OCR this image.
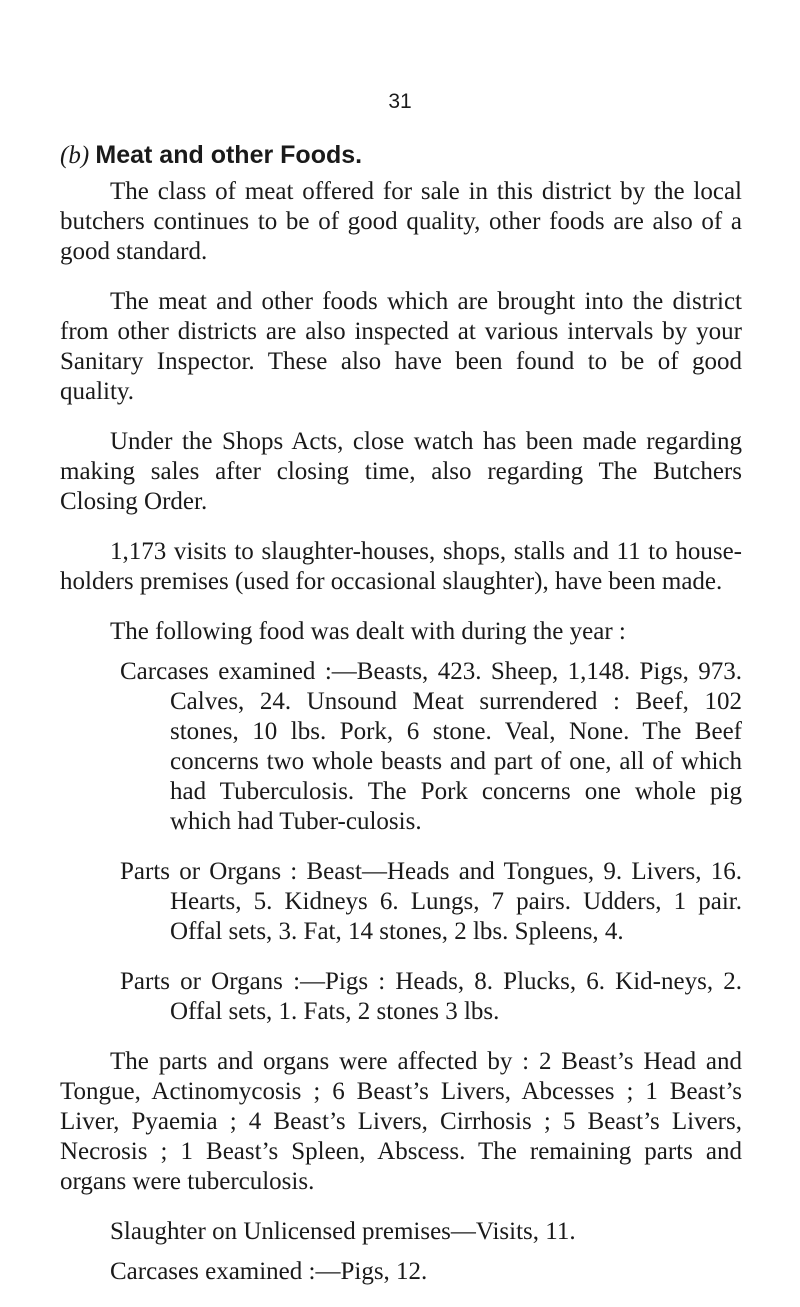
31
(b) Meat and other Foods.

The class of meat offered for sale in this district by the local butchers continues to be of good quality, other foods are also of a good standard.

The meat and other foods which are brought into the district from other districts are also inspected at various intervals by your Sanitary Inspector. These also have been found to be of good quality.

Under the Shops Acts, close watch has been made regarding making sales after closing time, also regarding The Butchers Closing Order.

1,173 visits to slaughter-houses, shops, stalls and 11 to house-holders premises (used for occasional slaughter), have been made.

The following food was dealt with during the year :

Carcases examined :—Beasts, 423. Sheep, 1,148. Pigs, 973. Calves, 24. Unsound Meat surrendered : Beef, 102 stones, 10 lbs. Pork, 6 stone. Veal, None. The Beef concerns two whole beasts and part of one, all of which had Tuberculosis. The Pork concerns one whole pig which had Tuber-culosis.

Parts or Organs : Beast—Heads and Tongues, 9. Livers, 16. Hearts, 5. Kidneys 6. Lungs, 7 pairs. Udders, 1 pair. Offal sets, 3. Fat, 14 stones, 2 lbs. Spleens, 4.

Parts or Organs :—Pigs : Heads, 8. Plucks, 6. Kid-neys, 2. Offal sets, 1. Fats, 2 stones 3 lbs.

The parts and organs were affected by : 2 Beast’s Head and Tongue, Actinomycosis ; 6 Beast’s Livers, Abcesses ; 1 Beast’s Liver, Pyaemia ; 4 Beast’s Livers, Cirrhosis ; 5 Beast’s Livers, Necrosis ; 1 Beast’s Spleen, Abscess. The remaining parts and organs were tuberculosis.

Slaughter on Unlicensed premises—Visits, 11.

Carcases examined :—Pigs, 12.
